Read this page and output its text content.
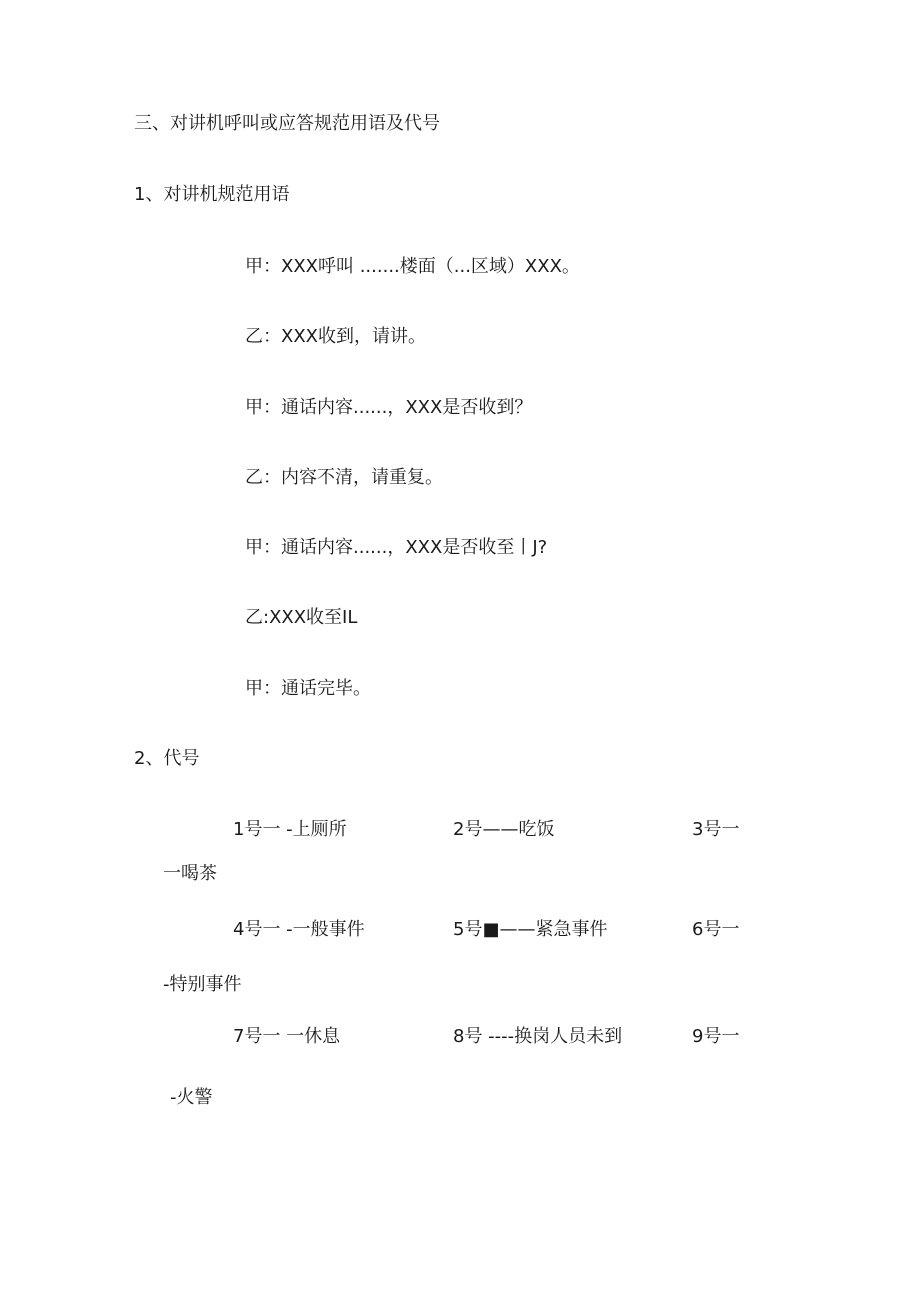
三、对讲机呼叫或应答规范用语及代号
1、对讲机规范用语
甲：XXX呼叫 .......楼面（...区域）XXX。
乙：XXX收到，请讲。
甲：通话内容......，XXX是否收到？
乙：内容不清，请重复。
甲：通话内容......，XXX是否收至丨J?
乙:XXX收至IL
甲：通话完毕。
2、代号
1号一 -上厕所	2号——吃饭	3号一
一喝茶
4号一 -一般事件	5号■——紧急事件	6号一
-特别事件
7号一 一休息	8号 ----换岗人员未到	9号一
-火警
